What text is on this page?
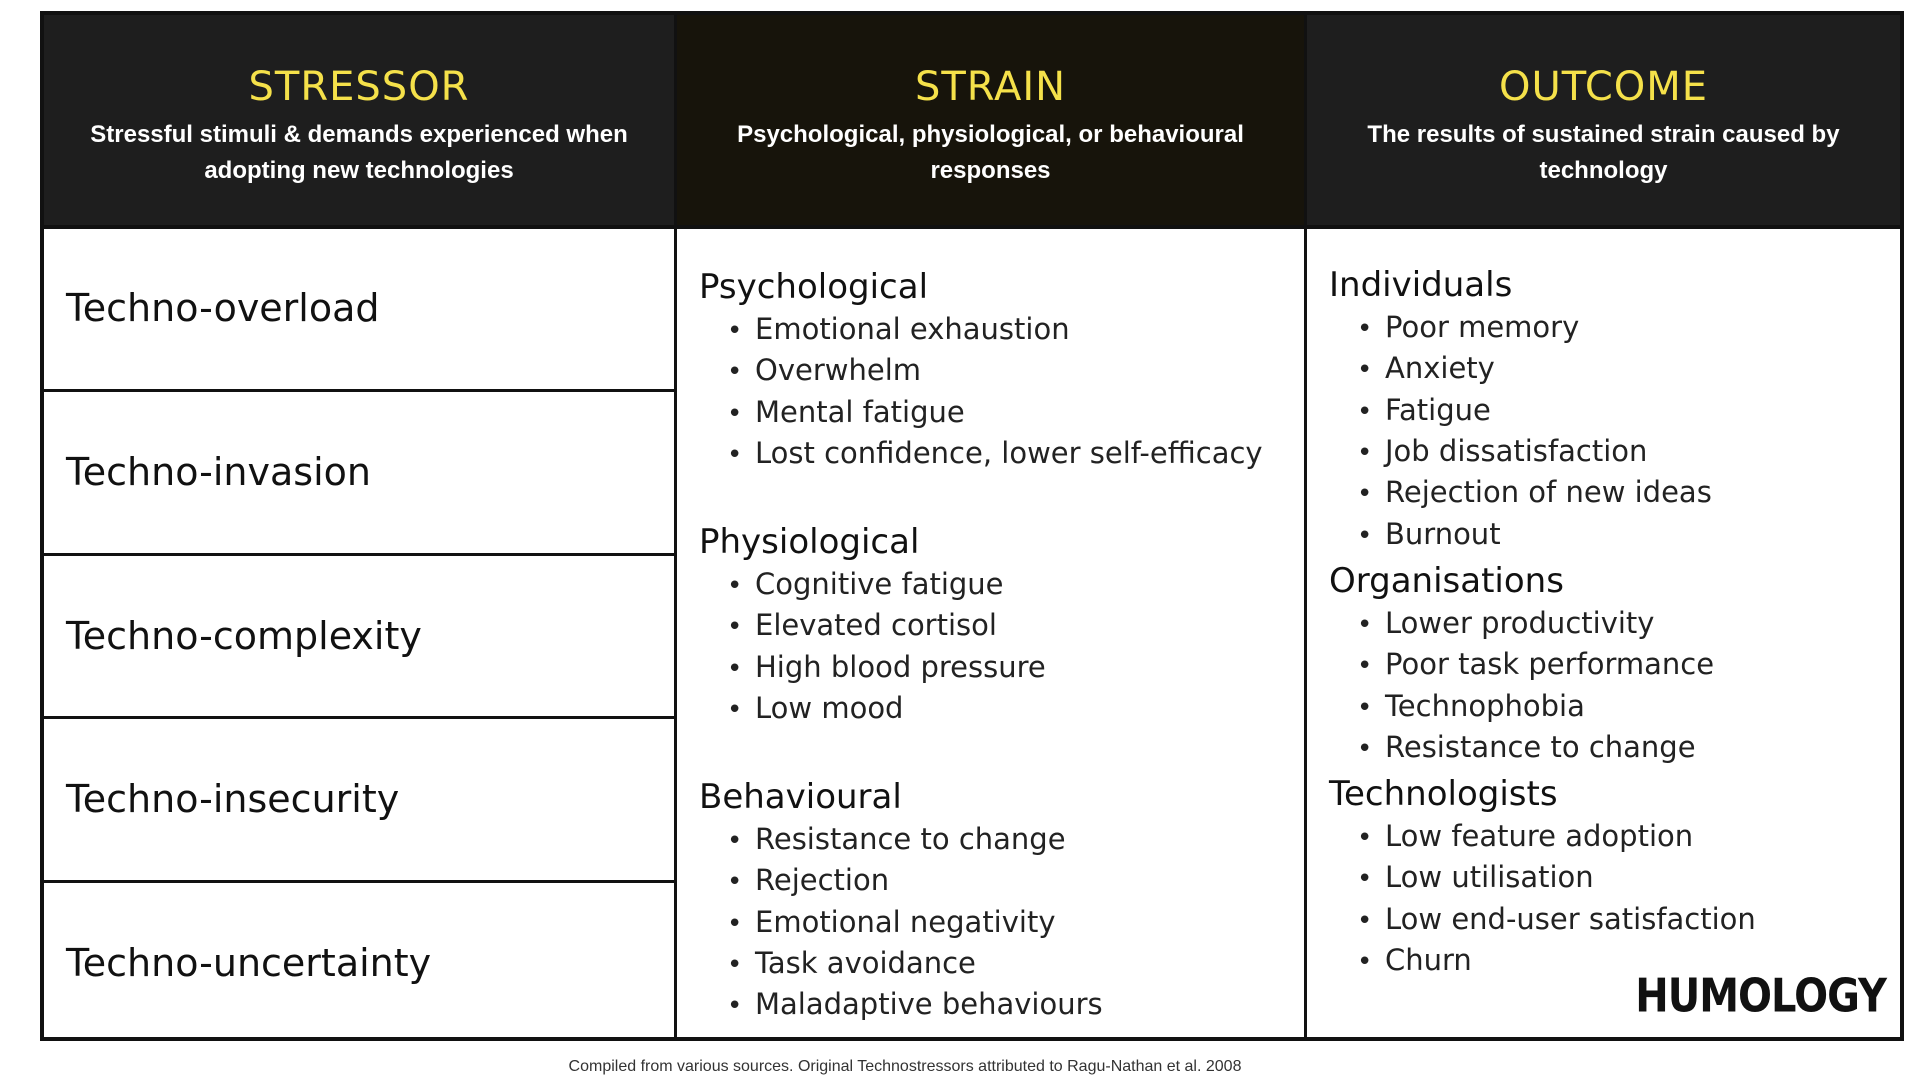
STRESSOR
Stressful stimuli & demands experienced when adopting new technologies
Techno-overload
Techno-invasion
Techno-complexity
Techno-insecurity
Techno-uncertainty
STRAIN
Psychological, physiological, or behavioural responses
Psychological
• Emotional exhaustion
• Overwhelm
• Mental fatigue
• Lost confidence, lower self-efficacy
Physiological
• Cognitive fatigue
• Elevated cortisol
• High blood pressure
• Low mood
Behavioural
• Resistance to change
• Rejection
• Emotional negativity
• Task avoidance
• Maladaptive behaviours
OUTCOME
The results of sustained strain caused by technology
Individuals
• Poor memory
• Anxiety
• Fatigue
• Job dissatisfaction
• Rejection of new ideas
• Burnout
Organisations
• Lower productivity
• Poor task performance
• Technophobia
• Resistance to change
Technologists
• Low feature adoption
• Low utilisation
• Low end-user satisfaction
• Churn
HUMOLOGY
Compiled from various sources. Original Technostressors attributed to Ragu-Nathan et al. 2008
